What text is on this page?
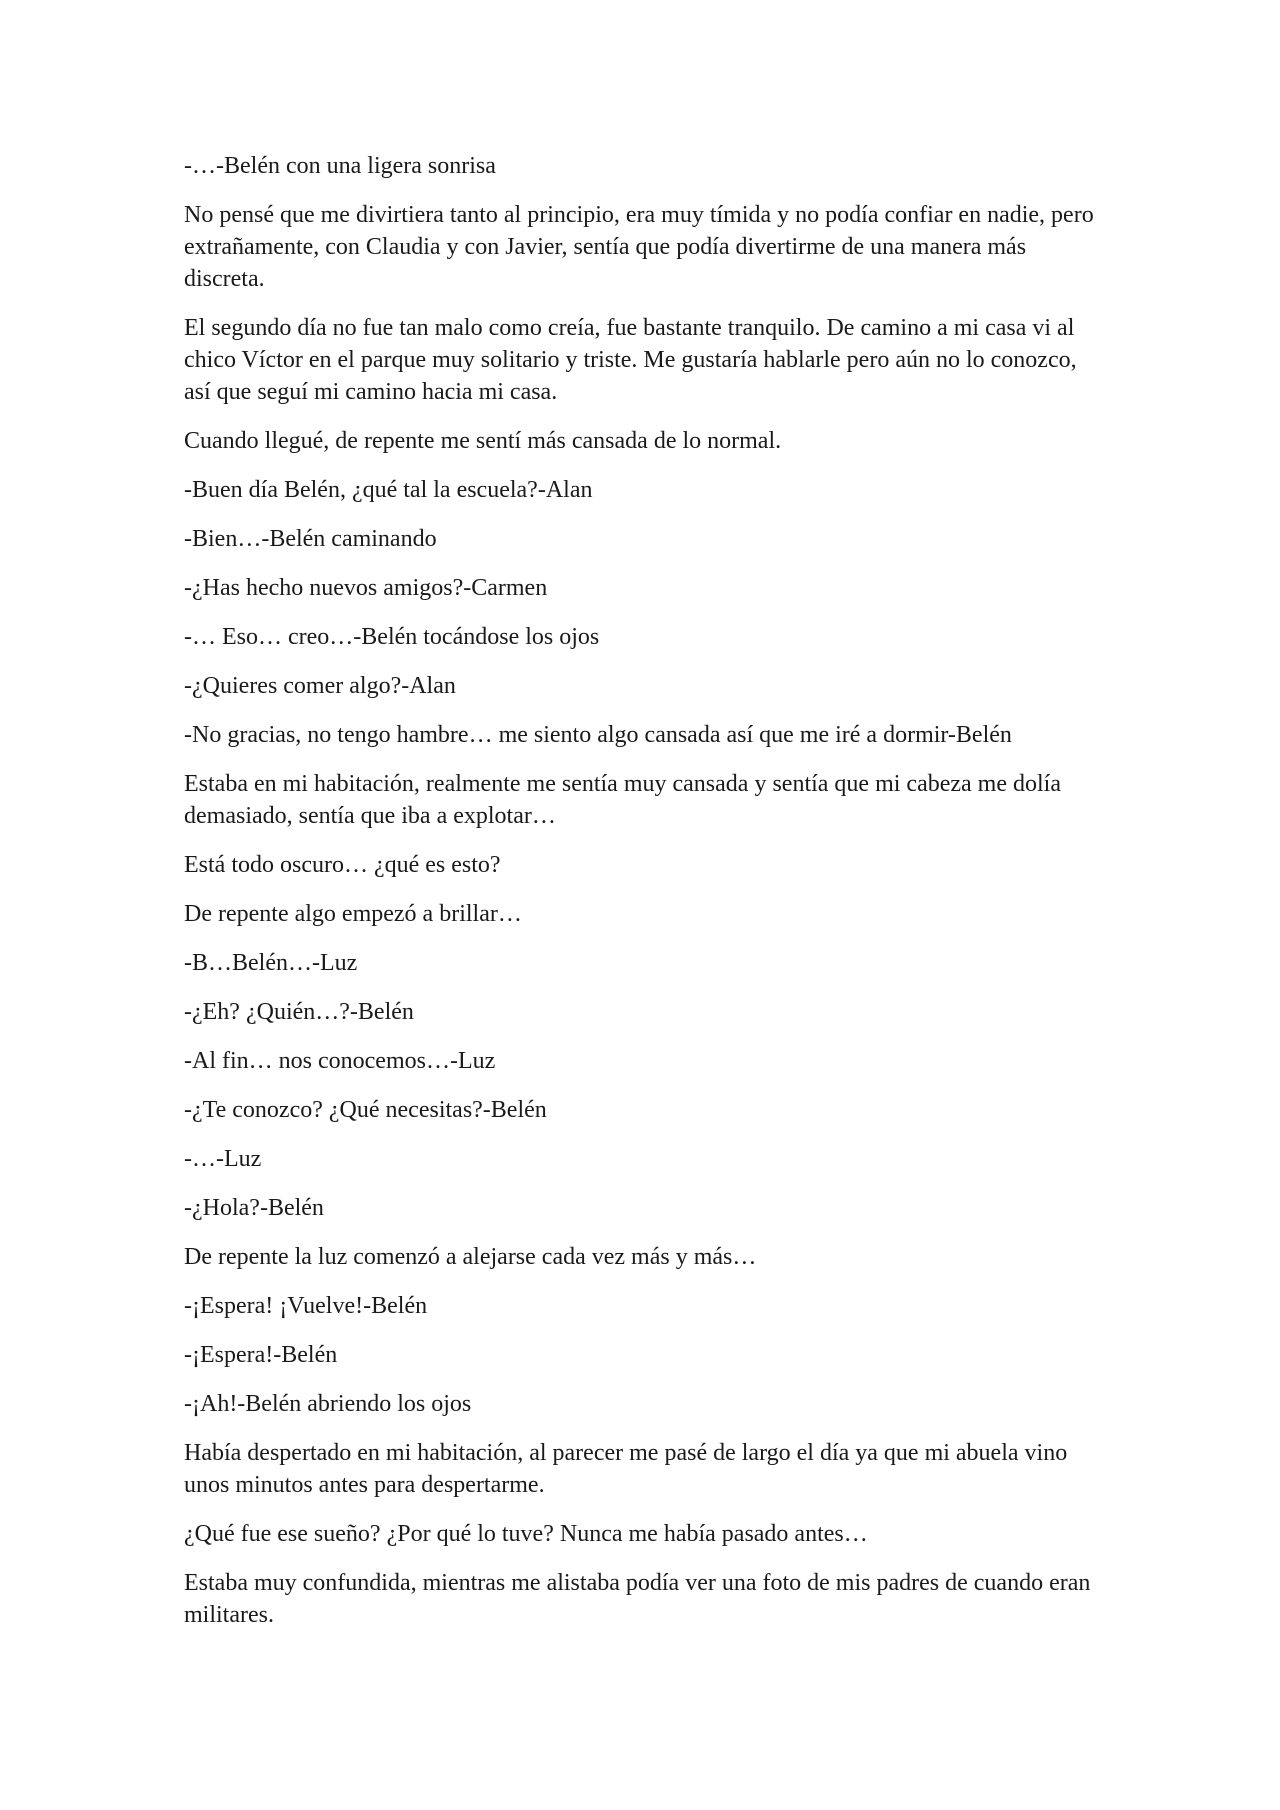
-…-Belén con una ligera sonrisa

No pensé que me divirtiera tanto al principio, era muy tímida y no podía confiar en nadie, pero extrañamente, con Claudia y con Javier, sentía que podía divertirme de una manera más discreta.

El segundo día no fue tan malo como creía, fue bastante tranquilo. De camino a mi casa vi al chico Víctor en el parque muy solitario y triste. Me gustaría hablarle pero aún no lo conozco, así que seguí mi camino hacia mi casa.

Cuando llegué, de repente me sentí más cansada de lo normal.

-Buen día Belén, ¿qué tal la escuela?-Alan

-Bien…-Belén caminando

-¿Has hecho nuevos amigos?-Carmen

-… Eso… creo…-Belén tocándose los ojos

-¿Quieres comer algo?-Alan

-No gracias, no tengo hambre… me siento algo cansada así que me iré a dormir-Belén

Estaba en mi habitación, realmente me sentía muy cansada y sentía que mi cabeza me dolía demasiado, sentía que iba a explotar…

Está todo oscuro… ¿qué es esto?

De repente algo empezó a brillar…

-B…Belén…-Luz

-¿Eh? ¿Quién…?-Belén

-Al fin… nos conocemos…-Luz

-¿Te conozco? ¿Qué necesitas?-Belén

-…-Luz

-¿Hola?-Belén

De repente la luz comenzó a alejarse cada vez más y más…

-¡Espera! ¡Vuelve!-Belén

-¡Espera!-Belén

-¡Ah!-Belén abriendo los ojos

Había despertado en mi habitación, al parecer me pasé de largo el día ya que mi abuela vino unos minutos antes para despertarme.

¿Qué fue ese sueño? ¿Por qué lo tuve? Nunca me había pasado antes…

Estaba muy confundida, mientras me alistaba podía ver una foto de mis padres de cuando eran militares.
